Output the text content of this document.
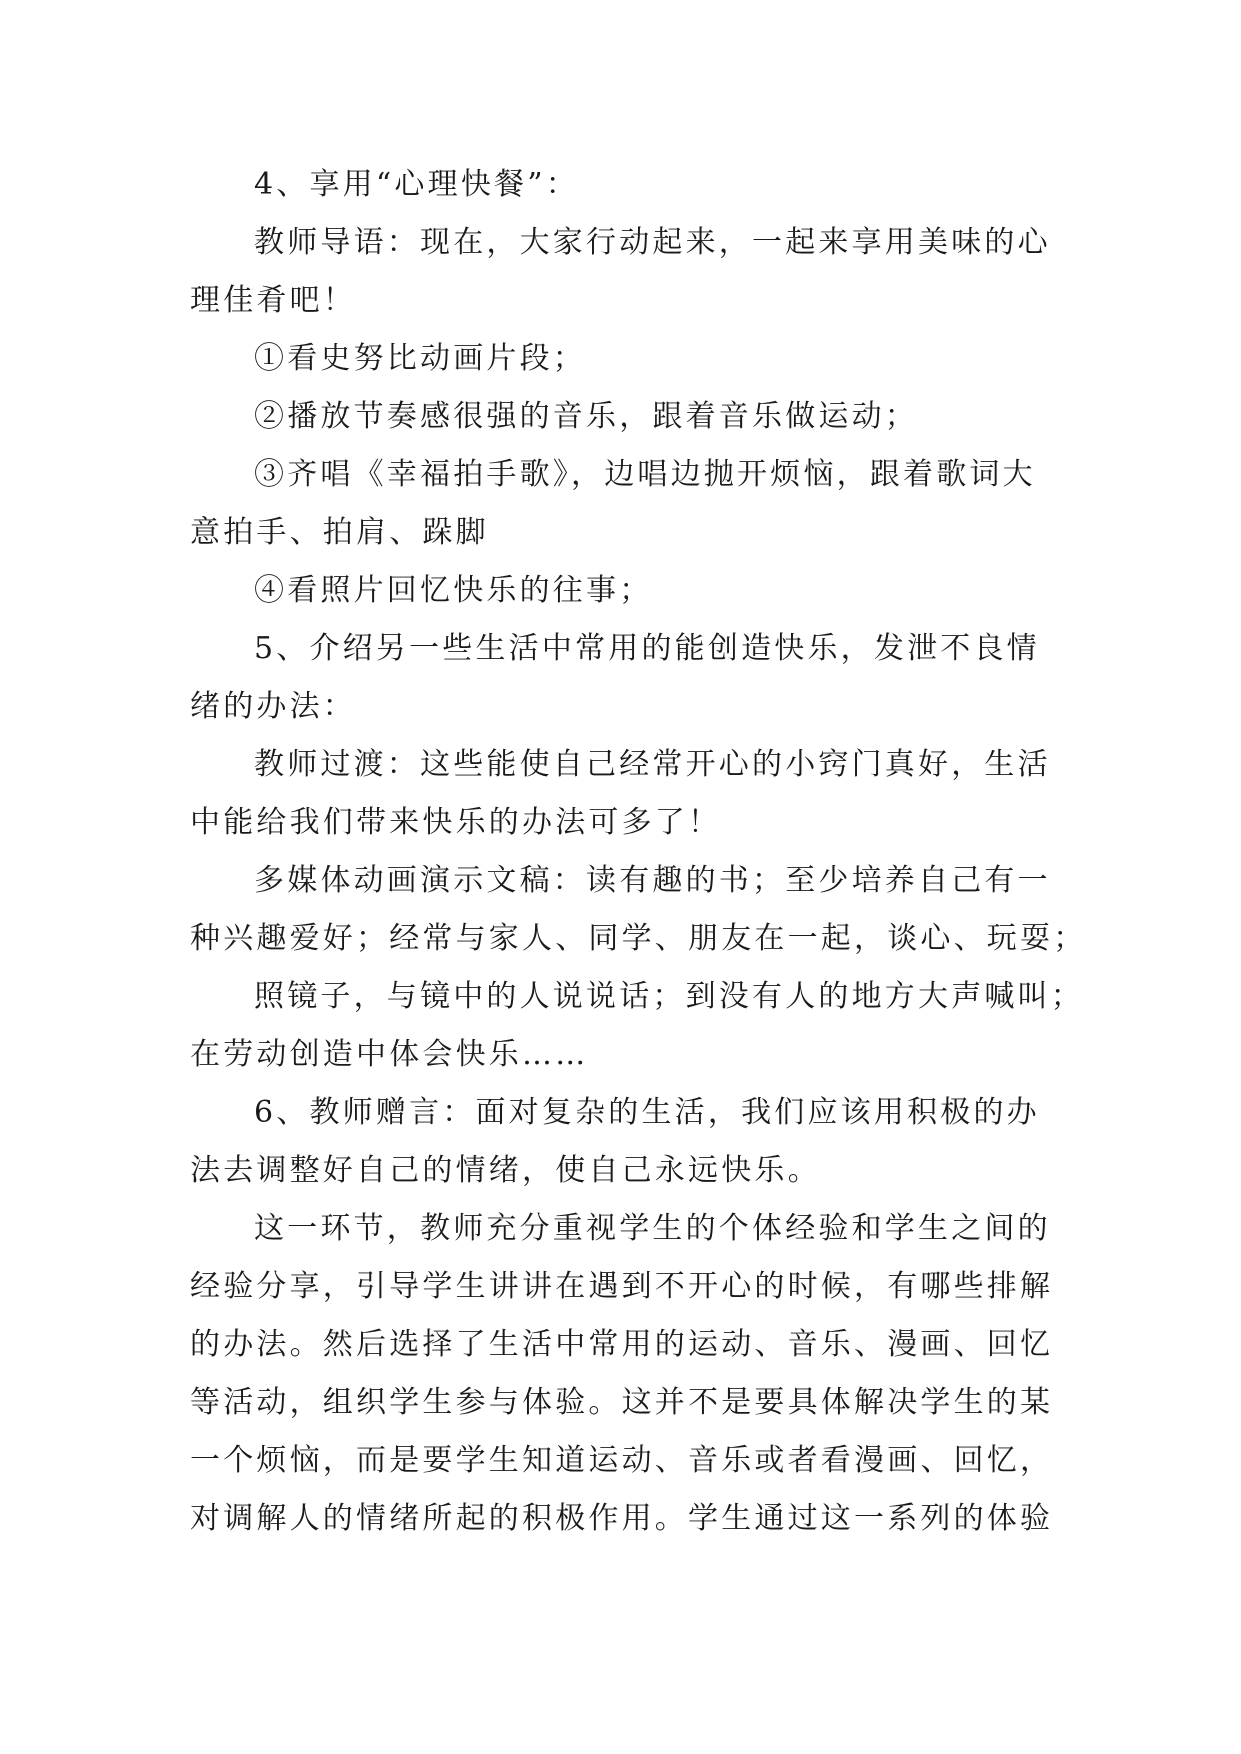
4、享用“心理快餐”：
教师导语：现在，大家行动起来，一起来享用美味的心
理佳肴吧！
①看史努比动画片段；
②播放节奏感很强的音乐，跟着音乐做运动；
③齐唱《幸福拍手歌》，边唱边抛开烦恼，跟着歌词大
意拍手、拍肩、跺脚
④看照片回忆快乐的往事；
5、介绍另一些生活中常用的能创造快乐，发泄不良情
绪的办法：
教师过渡：这些能使自己经常开心的小窍门真好，生活
中能给我们带来快乐的办法可多了！
多媒体动画演示文稿：读有趣的书；至少培养自己有一
种兴趣爱好；经常与家人、同学、朋友在一起，谈心、玩耍；
照镜子，与镜中的人说说话；到没有人的地方大声喊叫；
在劳动创造中体会快乐……
6、教师赠言：面对复杂的生活，我们应该用积极的办
法去调整好自己的情绪，使自己永远快乐。
这一环节，教师充分重视学生的个体经验和学生之间的
经验分享，引导学生讲讲在遇到不开心的时候，有哪些排解
的办法。然后选择了生活中常用的运动、音乐、漫画、回忆
等活动，组织学生参与体验。这并不是要具体解决学生的某
一个烦恼，而是要学生知道运动、音乐或者看漫画、回忆，
对调解人的情绪所起的积极作用。学生通过这一系列的体验
